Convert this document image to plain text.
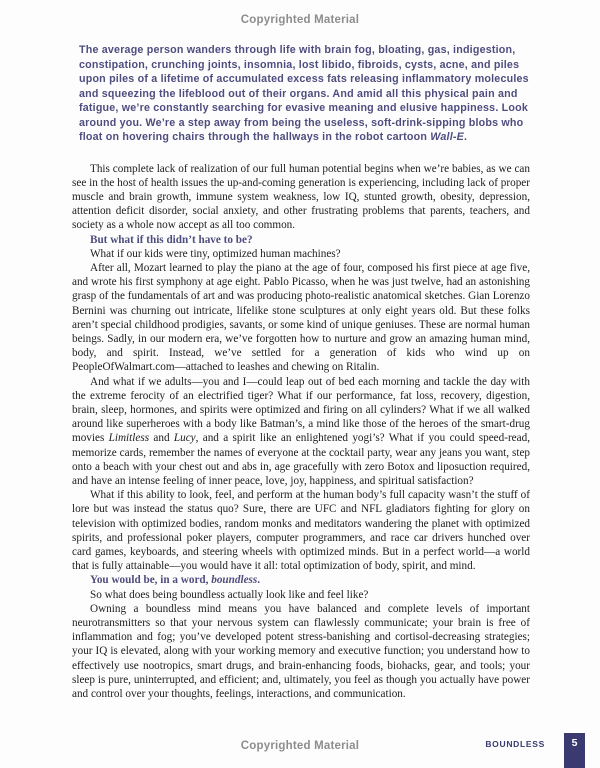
Copyrighted Material

The average person wanders through life with brain fog, bloating, gas, indigestion, constipation, crunching joints, insomnia, lost libido, fibroids, cysts, acne, and piles upon piles of a lifetime of accumulated excess fats releasing inflammatory molecules and squeezing the lifeblood out of their organs. And amid all this physical pain and fatigue, we’re constantly searching for evasive meaning and elusive happiness. Look around you. We’re a step away from being the useless, soft-drink-sipping blobs who float on hovering chairs through the hallways in the robot cartoon Wall-E.

This complete lack of realization of our full human potential begins when we’re babies, as we can see in the host of health issues the up-and-coming generation is experiencing, including lack of proper muscle and brain growth, immune system weakness, low IQ, stunted growth, obesity, depression, attention deficit disorder, social anxiety, and other frustrating problems that parents, teachers, and society as a whole now accept as all too common.

But what if this didn’t have to be?

What if our kids were tiny, optimized human machines?

After all, Mozart learned to play the piano at the age of four, composed his first piece at age five, and wrote his first symphony at age eight. Pablo Picasso, when he was just twelve, had an astonishing grasp of the fundamentals of art and was producing photo-realistic anatomical sketches. Gian Lorenzo Bernini was churning out intricate, lifelike stone sculptures at only eight years old. But these folks aren’t special childhood prodigies, savants, or some kind of unique geniuses. These are normal human beings. Sadly, in our modern era, we’ve forgotten how to nurture and grow an amazing human mind, body, and spirit. Instead, we’ve settled for a generation of kids who wind up on PeopleOfWalmart.com—attached to leashes and chewing on Ritalin.

And what if we adults—you and I—could leap out of bed each morning and tackle the day with the extreme ferocity of an electrified tiger? What if our performance, fat loss, recovery, digestion, brain, sleep, hormones, and spirits were optimized and firing on all cylinders? What if we all walked around like superheroes with a body like Batman’s, a mind like those of the heroes of the smart-drug movies Limitless and Lucy, and a spirit like an enlightened yogi’s? What if you could speed-read, memorize cards, remember the names of everyone at the cocktail party, wear any jeans you want, step onto a beach with your chest out and abs in, age gracefully with zero Botox and liposuction required, and have an intense feeling of inner peace, love, joy, happiness, and spiritual satisfaction?

What if this ability to look, feel, and perform at the human body’s full capacity wasn’t the stuff of lore but was instead the status quo? Sure, there are UFC and NFL gladiators fighting for glory on television with optimized bodies, random monks and meditators wandering the planet with optimized spirits, and professional poker players, computer programmers, and race car drivers hunched over card games, keyboards, and steering wheels with optimized minds. But in a perfect world—a world that is fully attainable—you would have it all: total optimization of body, spirit, and mind.

You would be, in a word, boundless.

So what does being boundless actually look like and feel like?

Owning a boundless mind means you have balanced and complete levels of important neurotransmitters so that your nervous system can flawlessly communicate; your brain is free of inflammation and fog; you’ve developed potent stress-banishing and cortisol-decreasing strategies; your IQ is elevated, along with your working memory and executive function; you understand how to effectively use nootropics, smart drugs, and brain-enhancing foods, biohacks, gear, and tools; your sleep is pure, uninterrupted, and efficient; and, ultimately, you feel as though you actually have power and control over your thoughts, feelings, interactions, and communication.

Copyrighted Material	BOUNDLESS	5
